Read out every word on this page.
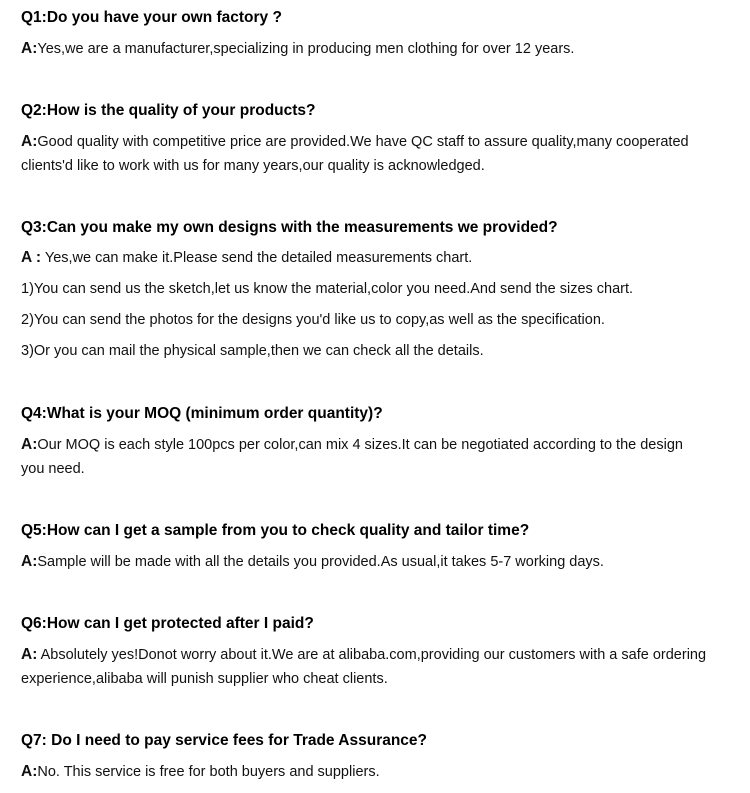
Q1:Do you have your own factory ?
A:Yes,we are a manufacturer,specializing in producing men clothing for over 12 years.
Q2:How is the quality of your products?
A:Good quality with competitive price are provided.We have QC staff to assure quality,many cooperated
clients'd like to work with us for many years,our quality is acknowledged.
Q3:Can you make my own designs with the measurements we provided?
A : Yes,we can make it.Please send the detailed measurements chart.
1)You can send us the sketch,let us know the material,color you need.And send the sizes chart.
2)You can send the photos for the designs you'd like us to copy,as well as the specification.
3)Or you can mail the physical sample,then we can check all the details.
Q4:What is your MOQ (minimum order quantity)?
A:Our MOQ is each style 100pcs per color,can mix 4 sizes.It can be negotiated according to the design
you need.
Q5:How can I get a sample from you to check quality and tailor time?
A:Sample will be made with all the details you provided.As usual,it takes 5-7 working days.
Q6:How can I get protected after I paid?
A: Absolutely yes!Donot worry about it.We are at alibaba.com,providing our customers with a safe ordering
experience,alibaba will punish supplier who cheat clients.
Q7: Do I need to pay service fees for Trade Assurance?
A:No. This service is free for both buyers and suppliers.
